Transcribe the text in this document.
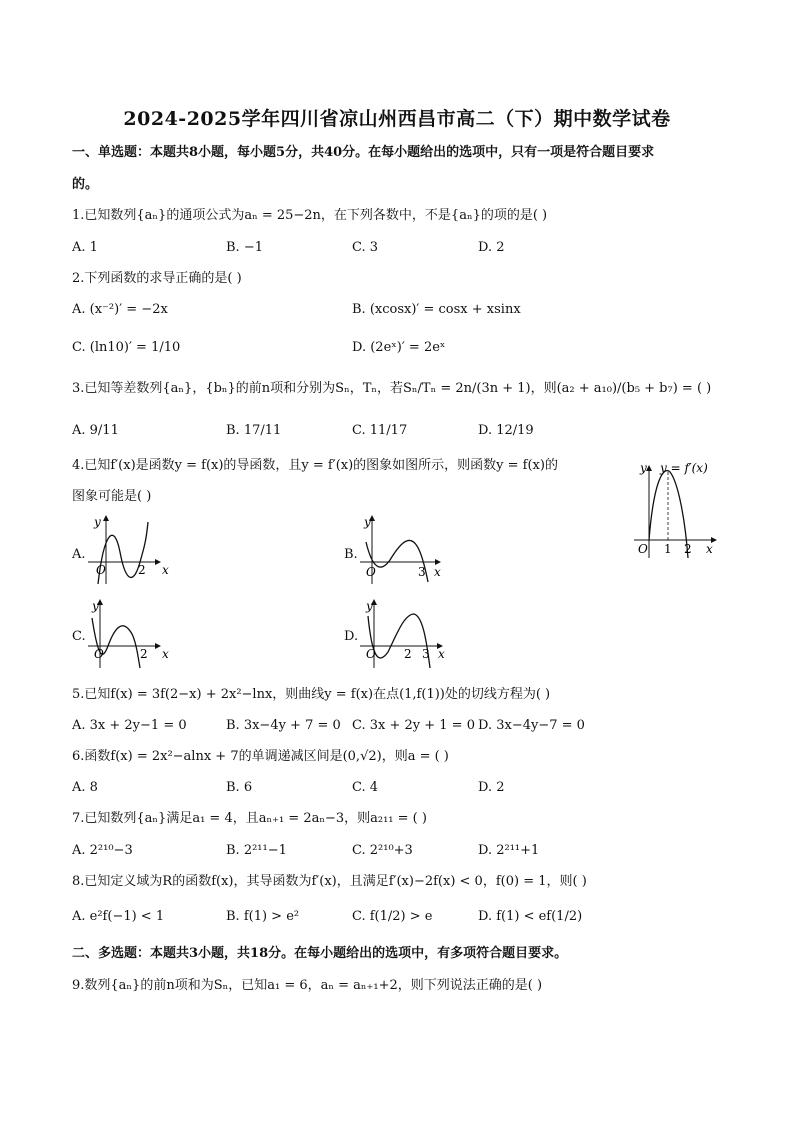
2024-2025学年四川省凉山州西昌市高二（下）期中数学试卷
一、单选题：本题共8小题，每小题5分，共40分。在每小题给出的选项中，只有一项是符合题目要求
的。
1.已知数列{aₙ}的通项公式为aₙ = 25−2n，在下列各数中，不是{aₙ}的项的是( )
A. 1	B. −1	C. 3	D. 2
2.下列函数的求导正确的是( )
A. (x⁻²)′ = −2x	B. (xcosx)′ = cosx + xsinx
C. (ln10)′ = 1/10	D. (2eˣ)′ = 2eˣ
3.已知等差数列{aₙ}，{bₙ}的前n项和分别为Sₙ，Tₙ，若Sₙ/Tₙ = 2n/(3n + 1)，则(a₂ + a₁₀)/(b₅ + b₇) = ( )
A. 9/11	B. 17/11	C. 11/17	D. 12/19
4.已知f′(x)是函数y = f(x)的导函数，且y = f′(x)的图象如图所示，则函数y = f(x)的
图象可能是( )
y y = f′(x)
O 1 2 x
A.
y
O	2 x
B.
y
O	3 x
C.
y
O	2 x
D.
y
O 2 3 x
5.已知f(x) = 3f(2−x) + 2x²−lnx，则曲线y = f(x)在点(1,f(1))处的切线方程为( )
A. 3x + 2y−1 = 0	B. 3x−4y + 7 = 0 C. 3x + 2y + 1 = 0 D. 3x−4y−7 = 0
6.函数f(x) = 2x²−alnx + 7的单调递减区间是(0,√2)，则a = ( )
A. 8	B. 6	C. 4	D. 2
7.已知数列{aₙ}满足a₁ = 4，且aₙ₊₁ = 2aₙ−3，则a₂₁₁ = ( )
A. 2²¹⁰−3	B. 2²¹¹−1	C. 2²¹⁰+3	D. 2²¹¹+1
8.已知定义域为R的函数f(x)，其导函数为f′(x)，且满足f′(x)−2f(x) < 0，f(0) = 1，则( )
A. e²f(−1) < 1	B. f(1) > e²	C. f(1/2) > e	D. f(1) < ef(1/2)
二、多选题：本题共3小题，共18分。在每小题给出的选项中，有多项符合题目要求。
9.数列{aₙ}的前n项和为Sₙ，已知a₁ = 6，aₙ = aₙ₊₁+2，则下列说法正确的是( )
